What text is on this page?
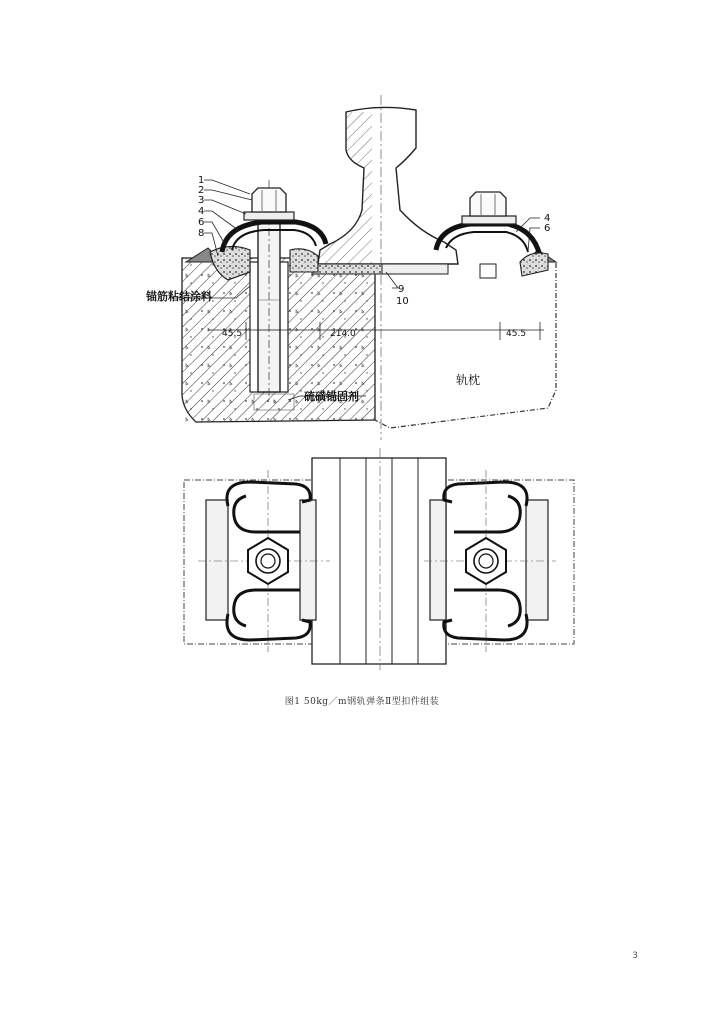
1
2
3
4
6
8
4
6
9
10
锚筋粘结涂料
硫磺锚固剂
轨枕
45.5	214.0	45.5
图1 50kg／m钢轨弹条Ⅱ型扣件组装
3
